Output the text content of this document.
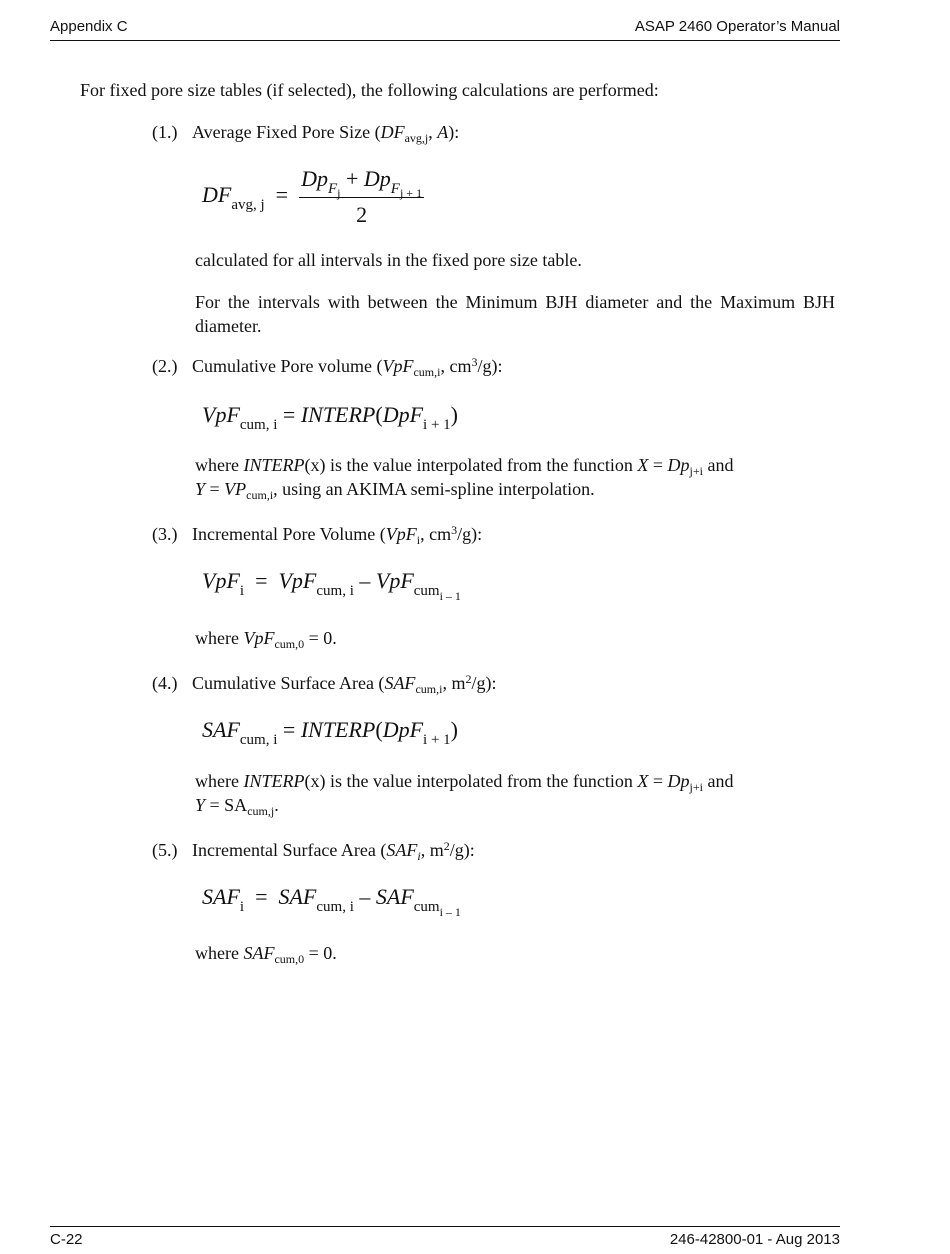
Appendix C	ASAP 2460 Operator’s Manual
For fixed pore size tables (if selected), the following calculations are performed:
(1.) Average Fixed Pore Size ($DF_{avg,j}$, A):
$DF_{avg, j} = \frac{Dp_{F_j} + Dp_{F_{j + 1}}}{2}$
calculated for all intervals in the fixed pore size table.
For the intervals with between the Minimum BJH diameter and the Maximum BJH diameter.
(2.) Cumulative Pore volume (VpF$_{cum,i}$, $cm^3/g$):
VpF$_{cum, i}$ = INTERP(DpF$_{i + 1}$)
where INTERP(x) is the value interpolated from the function $X = Dp_{j+i}$ and
$Y = VP_{cum,i}$, using an AKIMA semi-spline interpolation.
(3.) Incremental Pore Volume (VpF$_i$, $cm^3/g$):
VpF$_i$  =  VpF$_{cum, i}$ – VpF$_{cum_{i - 1}}$
where VpF$_{cum,0}$ = 0.
(4.) Cumulative Surface Area ($SAF_{cum,i}$, $m^2/g$):
$SAF_{cum, i}$ = INTERP(DpF$_{i + 1}$)
where INTERP(x) is the value interpolated from the function $X = Dp_{j+i}$ and
$Y = SA_{cum,j}$.
(5.) Incremental Surface Area ($SAF_i$, $m^2/g$):
$SAF_i = SAF_{cum, i} - SAF_{cum_{i - 1}}$
where $SAF_{cum,0} = 0$.
C-22	246-42800-01 - Aug 2013
